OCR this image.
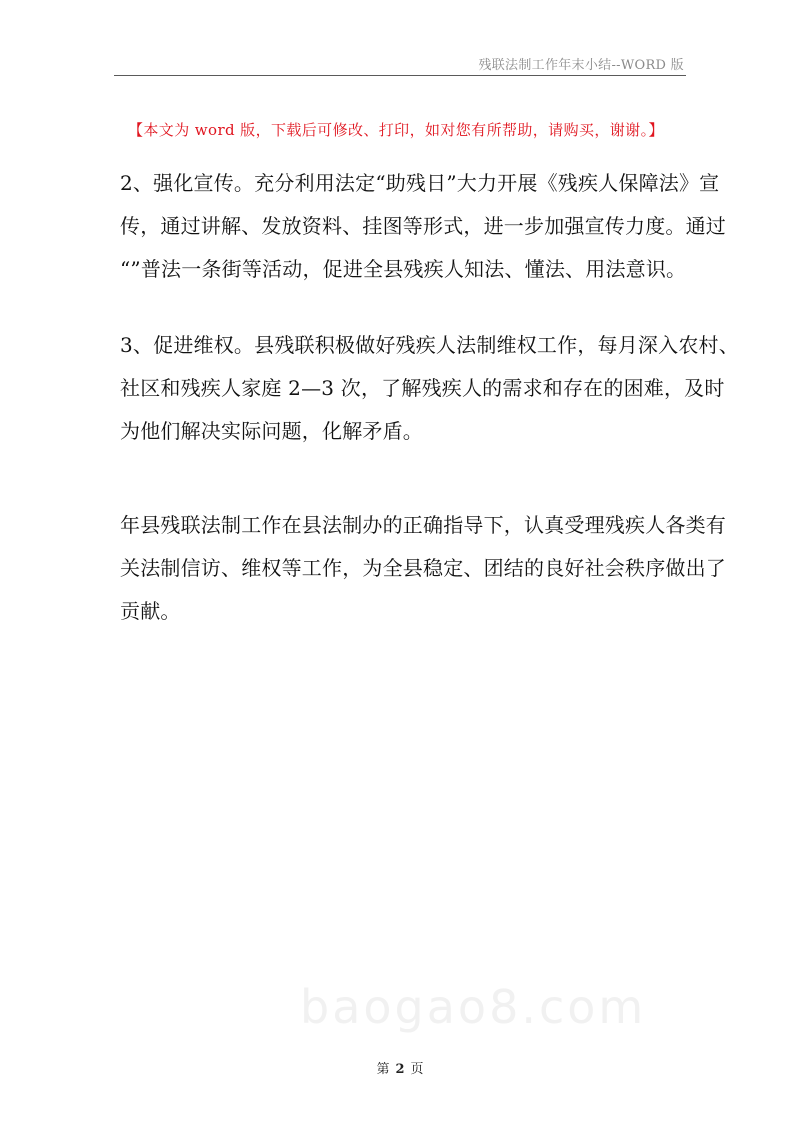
残联法制工作年末小结--WORD 版
【本文为 word 版，下载后可修改、打印，如对您有所帮助，请购买，谢谢。】
2、强化宣传。充分利用法定“助残日”大力开展《残疾人保障法》宣
传，通过讲解、发放资料、挂图等形式，进一步加强宣传力度。通过
“”普法一条街等活动，促进全县残疾人知法、懂法、用法意识。
3、促进维权。县残联积极做好残疾人法制维权工作，每月深入农村、
社区和残疾人家庭 2—3 次，了解残疾人的需求和存在的困难，及时
为他们解决实际问题，化解矛盾。
年县残联法制工作在县法制办的正确指导下，认真受理残疾人各类有
关法制信访、维权等工作，为全县稳定、团结的良好社会秩序做出了
贡献。
baogao8.com
第 2 页
